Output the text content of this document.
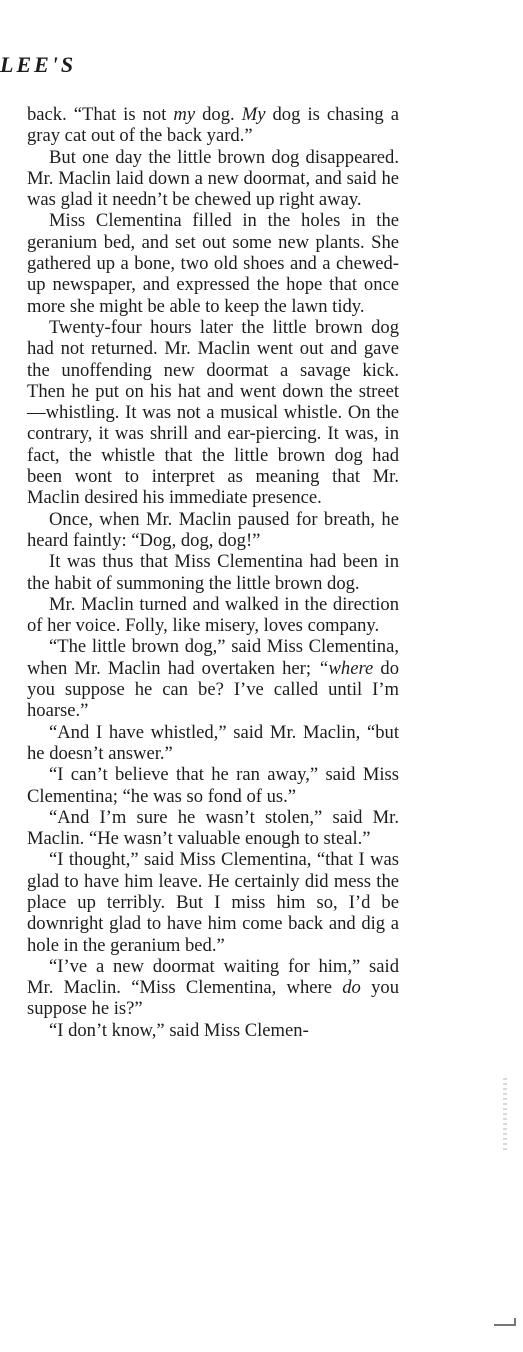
LEE'S

back. “That is not my dog. My dog is chasing a gray cat out of the back yard.”

But one day the little brown dog disappeared. Mr. Maclin laid down a new doormat, and said he was glad it needn’t be chewed up right away.

Miss Clementina filled in the holes in the geranium bed, and set out some new plants. She gathered up a bone, two old shoes and a chewed-up newspaper, and expressed the hope that once more she might be able to keep the lawn tidy.

Twenty-four hours later the little brown dog had not returned. Mr. Maclin went out and gave the unoffending new doormat a savage kick. Then he put on his hat and went down the street —whistling. It was not a musical whistle. On the contrary, it was shrill and ear-piercing. It was, in fact, the whistle that the little brown dog had been wont to interpret as meaning that Mr. Maclin desired his immediate presence.

Once, when Mr. Maclin paused for breath, he heard faintly: “Dog, dog, dog!”

It was thus that Miss Clementina had been in the habit of summoning the little brown dog.

Mr. Maclin turned and walked in the direction of her voice. Folly, like misery, loves company.

“The little brown dog,” said Miss Clementina, when Mr. Maclin had overtaken her; “where do you suppose he can be? I’ve called until I’m hoarse.”

“And I have whistled,” said Mr. Maclin, “but he doesn’t answer.”

“I can’t believe that he ran away,” said Miss Clementina; “he was so fond of us.”

“And I’m sure he wasn’t stolen,” said Mr. Maclin. “He wasn’t valuable enough to steal.”

“I thought,” said Miss Clementina, “that I was glad to have him leave. He certainly did mess the place up terribly. But I miss him so, I’d be downright glad to have him come back and dig a hole in the geranium bed.”

“I’ve a new doormat waiting for him,” said Mr. Maclin. “Miss Clementina, where do you suppose he is?”

“I don’t know,” said Miss Clemen-
